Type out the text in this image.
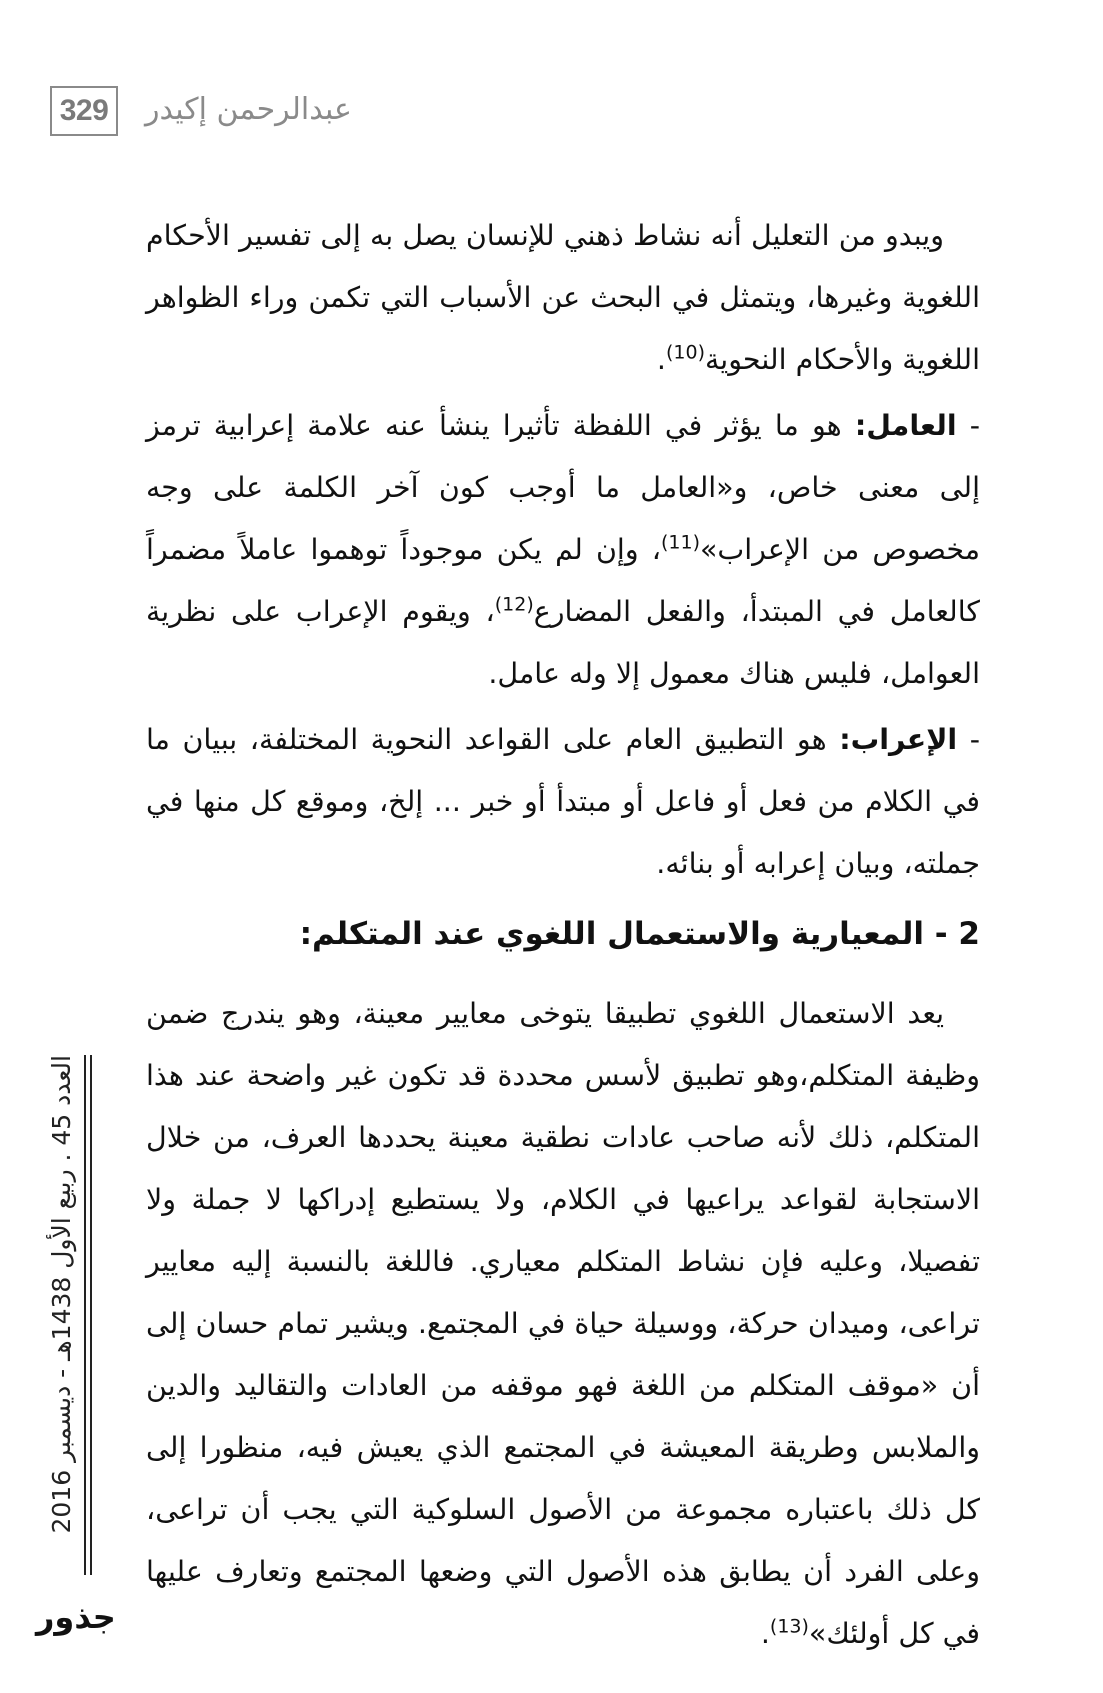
329 عبدالرحمن إكيدر

ويبدو من التعليل أنه نشاط ذهني للإنسان يصل به إلى تفسير الأحكام اللغوية وغيرها، ويتمثل في البحث عن الأسباب التي تكمن وراء الظواهر اللغوية والأحكام النحوية$^{(10)}$.

- العامل: هو ما يؤثر في اللفظة تأثيرا ينشأ عنه علامة إعرابية ترمز إلى معنى خاص، و«العامل ما أوجب كون آخر الكلمة على وجه مخصوص من الإعراب»$^{(11)}$، وإن لم يكن موجوداً توهموا عاملاً مضمراً كالعامل في المبتدأ، والفعل المضارع$^{(12)}$، ويقوم الإعراب على نظرية العوامل، فليس هناك معمول إلا وله عامل.
- الإعراب: هو التطبيق العام على القواعد النحوية المختلفة، ببيان ما في الكلام من فعل أو فاعل أو مبتدأ أو خبر ... إلخ، وموقع كل منها في جملته، وبيان إعرابه أو بنائه.
2 - المعيارية والاستعمال اللغوي عند المتكلم:

يعد الاستعمال اللغوي تطبيقا يتوخى معايير معينة، وهو يندرج ضمن وظيفة المتكلم،وهو تطبيق لأسس محددة قد تكون غير واضحة عند هذا المتكلم، ذلك لأنه صاحب عادات نطقية معينة يحددها العرف، من خلال الاستجابة لقواعد يراعيها في الكلام، ولا يستطيع إدراكها لا جملة ولا تفصيلا، وعليه فإن نشاط المتكلم معياري. فاللغة بالنسبة إليه معايير تراعى، وميدان حركة، ووسيلة حياة في المجتمع. ويشير تمام حسان إلى أن «موقف المتكلم من اللغة فهو موقفه من العادات والتقاليد والدين والملابس وطريقة المعيشة في المجتمع الذي يعيش فيه، منظورا إلى كل ذلك باعتباره مجموعة من الأصول السلوكية التي يجب أن تراعى، وعلى الفرد أن يطابق هذه الأصول التي وضعها المجتمع وتعارف عليها في كل أولئك»$^{(13)}$.

العدد 45 . ربيع الأول 1438هـ - ديسمبر 2016
جذور
